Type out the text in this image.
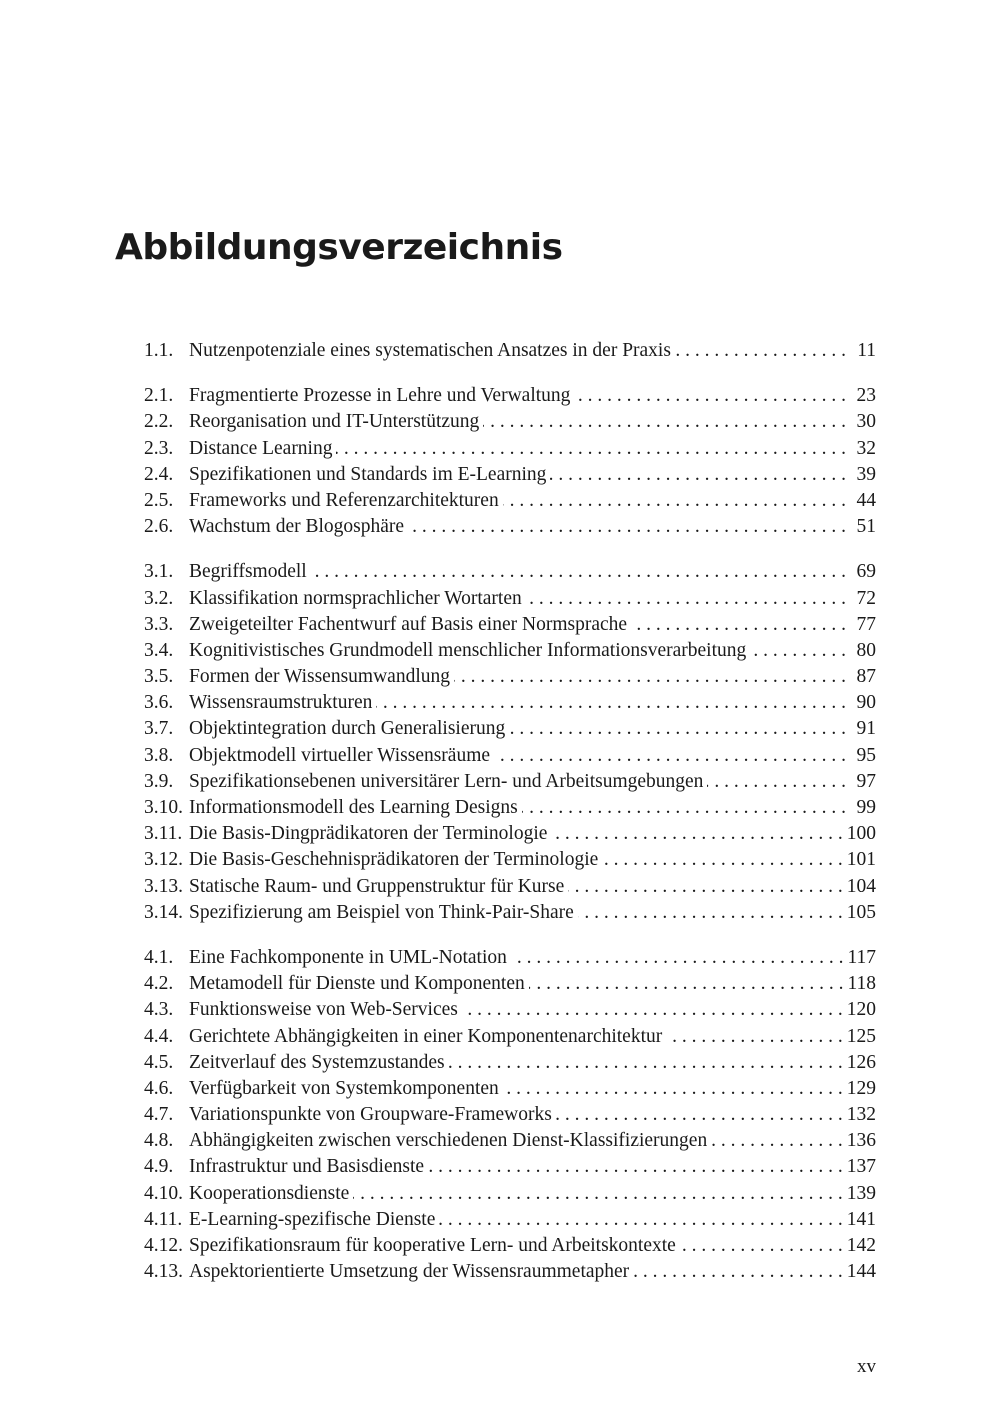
Abbildungsverzeichnis
1.1. Nutzenpotenziale eines systematischen Ansatzes in der Praxis . . .	11
2.1. Fragmentierte Prozesse in Lehre und Verwaltung . . .	23
2.2. Reorganisation und IT-Unterstützung . . .	30
2.3. Distance Learning . . .	32
2.4. Spezifikationen und Standards im E-Learning . . .	39
2.5. Frameworks und Referenzarchitekturen . . .	44
2.6. Wachstum der Blogosphäre . . .	51
3.1. Begriffsmodell . . .	69
3.2. Klassifikation normsprachlicher Wortarten . . .	72
3.3. Zweigeteilter Fachentwurf auf Basis einer Normsprache . . .	77
3.4. Kognitivistisches Grundmodell menschlicher Informationsverarbeitung . . .	80
3.5. Formen der Wissensumwandlung . . .	87
3.6. Wissensraumstrukturen . . .	90
3.7. Objektintegration durch Generalisierung . . .	91
3.8. Objektmodell virtueller Wissensräume . . .	95
3.9. Spezifikationsebenen universitärer Lern- und Arbeitsumgebungen . . .	97
3.10. Informationsmodell des Learning Designs . . .	99
3.11. Die Basis-Dingprädikatoren der Terminologie . . .	100
3.12. Die Basis-Geschehnisprädikatoren der Terminologie . . .	101
3.13. Statische Raum- und Gruppenstruktur für Kurse . . .	104
3.14. Spezifizierung am Beispiel von Think-Pair-Share . . .	105
4.1. Eine Fachkomponente in UML-Notation . . .	117
4.2. Metamodell für Dienste und Komponenten . . .	118
4.3. Funktionsweise von Web-Services . . .	120
4.4. Gerichtete Abhängigkeiten in einer Komponentenarchitektur . . .	125
4.5. Zeitverlauf des Systemzustandes . . .	126
4.6. Verfügbarkeit von Systemkomponenten . . .	129
4.7. Variationspunkte von Groupware-Frameworks . . .	132
4.8. Abhängigkeiten zwischen verschiedenen Dienst-Klassifizierungen . . .	136
4.9. Infrastruktur und Basisdienste . . .	137
4.10. Kooperationsdienste . . .	139
4.11. E-Learning-spezifische Dienste . . .	141
4.12. Spezifikationsraum für kooperative Lern- und Arbeitskontexte . . .	142
4.13. Aspektorientierte Umsetzung der Wissensraummetapher . . .	144
xv
